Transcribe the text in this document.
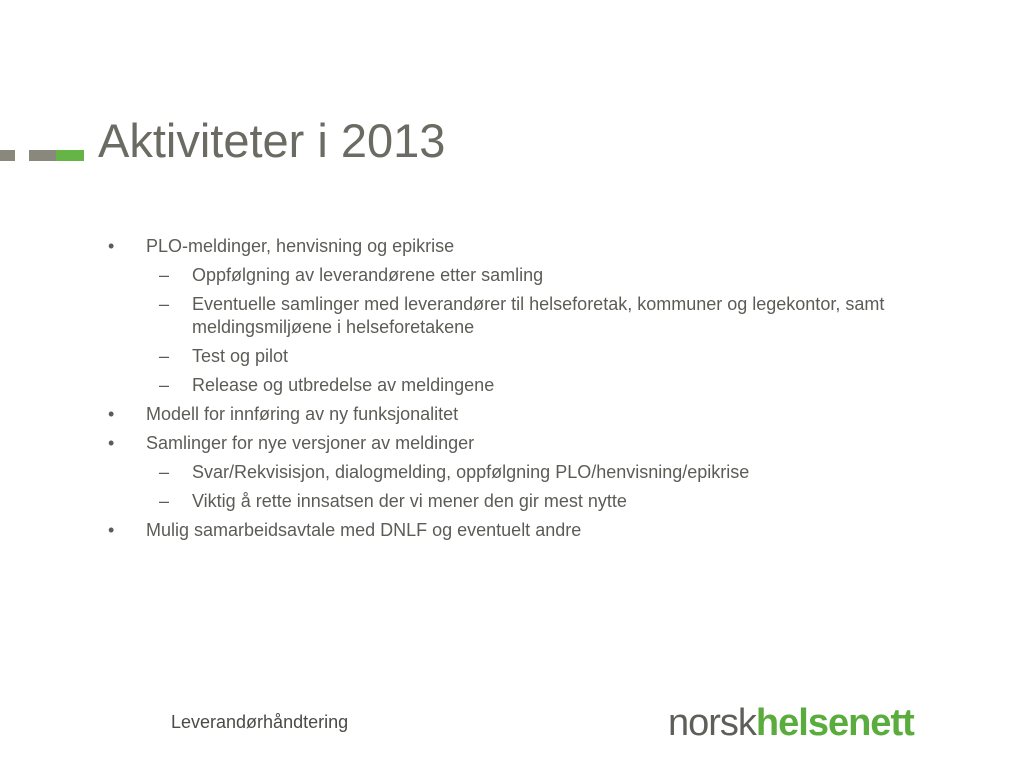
Aktiviteter i 2013
• PLO-meldinger, henvisning og epikrise
– Oppfølgning av leverandørene etter samling
– Eventuelle samlinger med leverandører til helseforetak, kommuner og legekontor, samt meldingsmiljøene i helseforetakene
– Test og pilot
– Release og utbredelse av meldingene
• Modell for innføring av ny funksjonalitet
• Samlinger for nye versjoner av meldinger
– Svar/Rekvisisjon, dialogmelding, oppfølgning PLO/henvisning/epikrise
– Viktig å rette innsatsen der vi mener den gir mest nytte
• Mulig samarbeidsavtale med DNLF og eventuelt andre
Leverandørhåndtering	norskhelsenett
